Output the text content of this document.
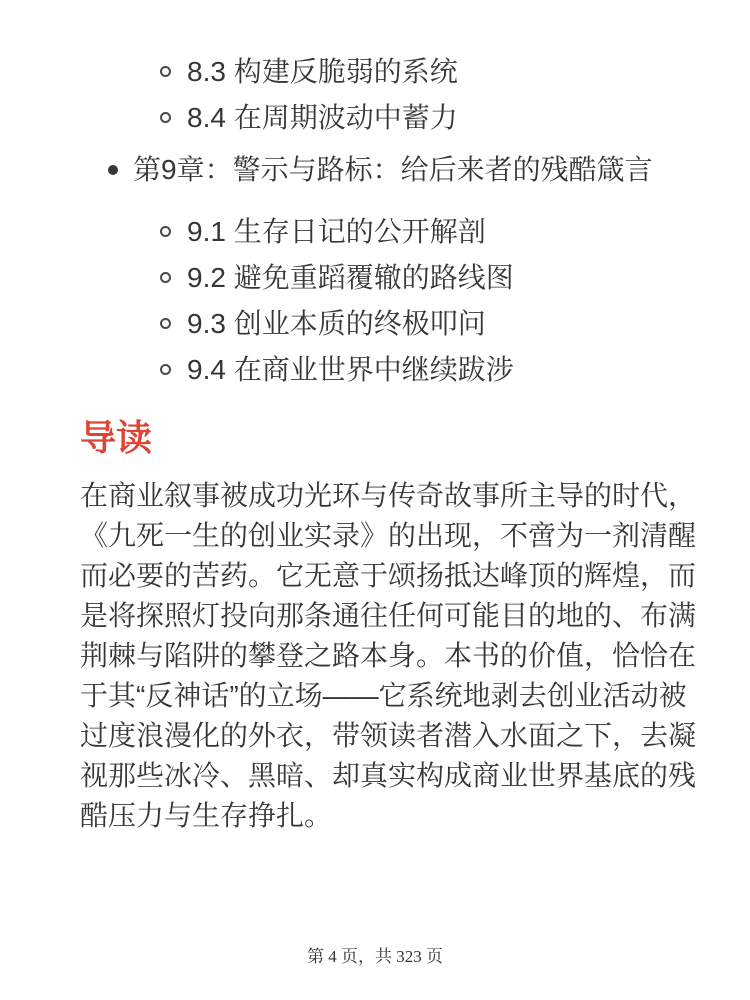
8.3 构建反脆弱的系统
8.4 在周期波动中蓄力
第9章：警示与路标：给后来者的残酷箴言
9.1 生存日记的公开解剖
9.2 避免重蹈覆辙的路线图
9.3 创业本质的终极叩问
9.4 在商业世界中继续跋涉
导读

在商业叙事被成功光环与传奇故事所主导的时代，《九死一生的创业实录》的出现，不啻为一剂清醒而必要的苦药。它无意于颂扬抵达峰顶的辉煌，而是将探照灯投向那条通往任何可能目的地的、布满荆棘与陷阱的攀登之路本身。本书的价值，恰恰在于其“反神话”的立场——它系统地剥去创业活动被过度浪漫化的外衣，带领读者潜入水面之下，去凝视那些冰冷、黑暗、却真实构成商业世界基底的残酷压力与生存挣扎。

第 4 页，共 323 页
